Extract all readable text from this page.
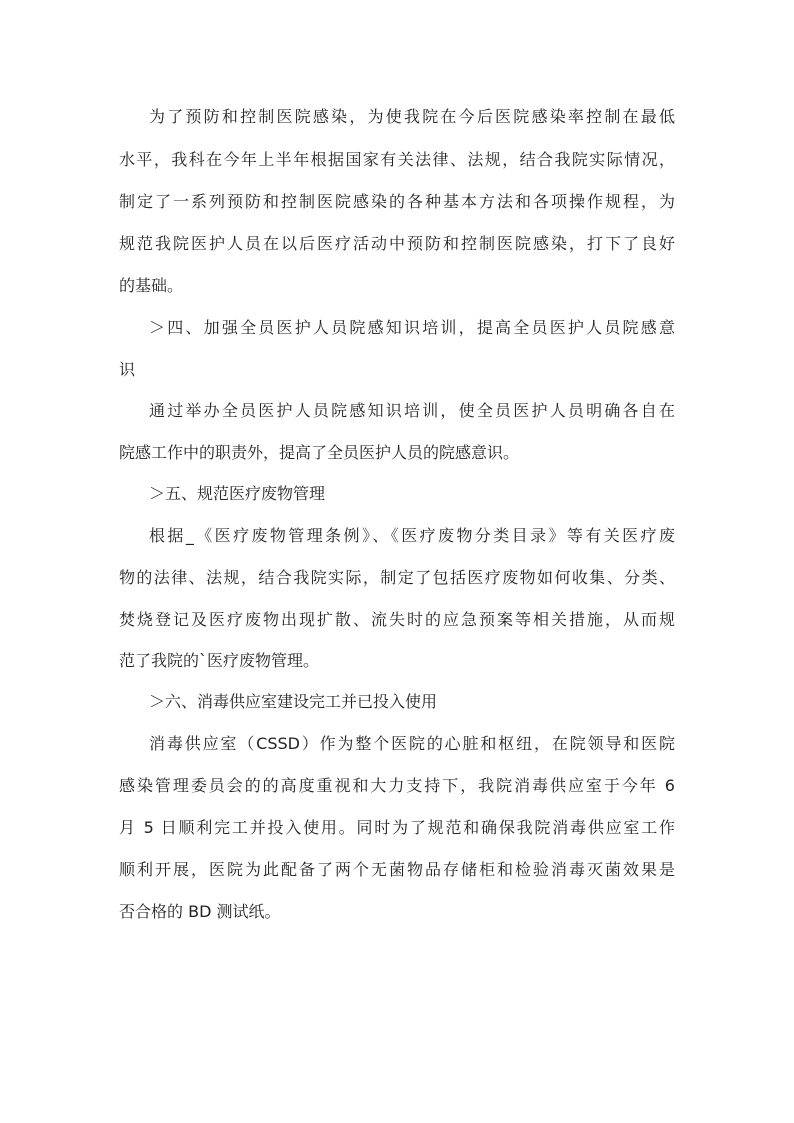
为了预防和控制医院感染，为使我院在今后医院感染率控制在最低
水平，我科在今年上半年根据国家有关法律、法规，结合我院实际情况，
制定了一系列预防和控制医院感染的各种基本方法和各项操作规程，为
规范我院医护人员在以后医疗活动中预防和控制医院感染，打下了良好
的基础。
＞四、加强全员医护人员院感知识培训，提高全员医护人员院感意
识
通过举办全员医护人员院感知识培训，使全员医护人员明确各自在
院感工作中的职责外，提高了全员医护人员的院感意识。
＞五、规范医疗废物管理
根据_《医疗废物管理条例》、《医疗废物分类目录》等有关医疗废
物的法律、法规，结合我院实际，制定了包括医疗废物如何收集、分类、
焚烧登记及医疗废物出现扩散、流失时的应急预案等相关措施，从而规
范了我院的`医疗废物管理。
＞六、消毒供应室建设完工并已投入使用
消毒供应室（CSSD）作为整个医院的心脏和枢纽，在院领导和医院
感染管理委员会的的高度重视和大力支持下，我院消毒供应室于今年 6
月 5 日顺利完工并投入使用。同时为了规范和确保我院消毒供应室工作
顺利开展，医院为此配备了两个无菌物品存储柜和检验消毒灭菌效果是
否合格的 BD 测试纸。
